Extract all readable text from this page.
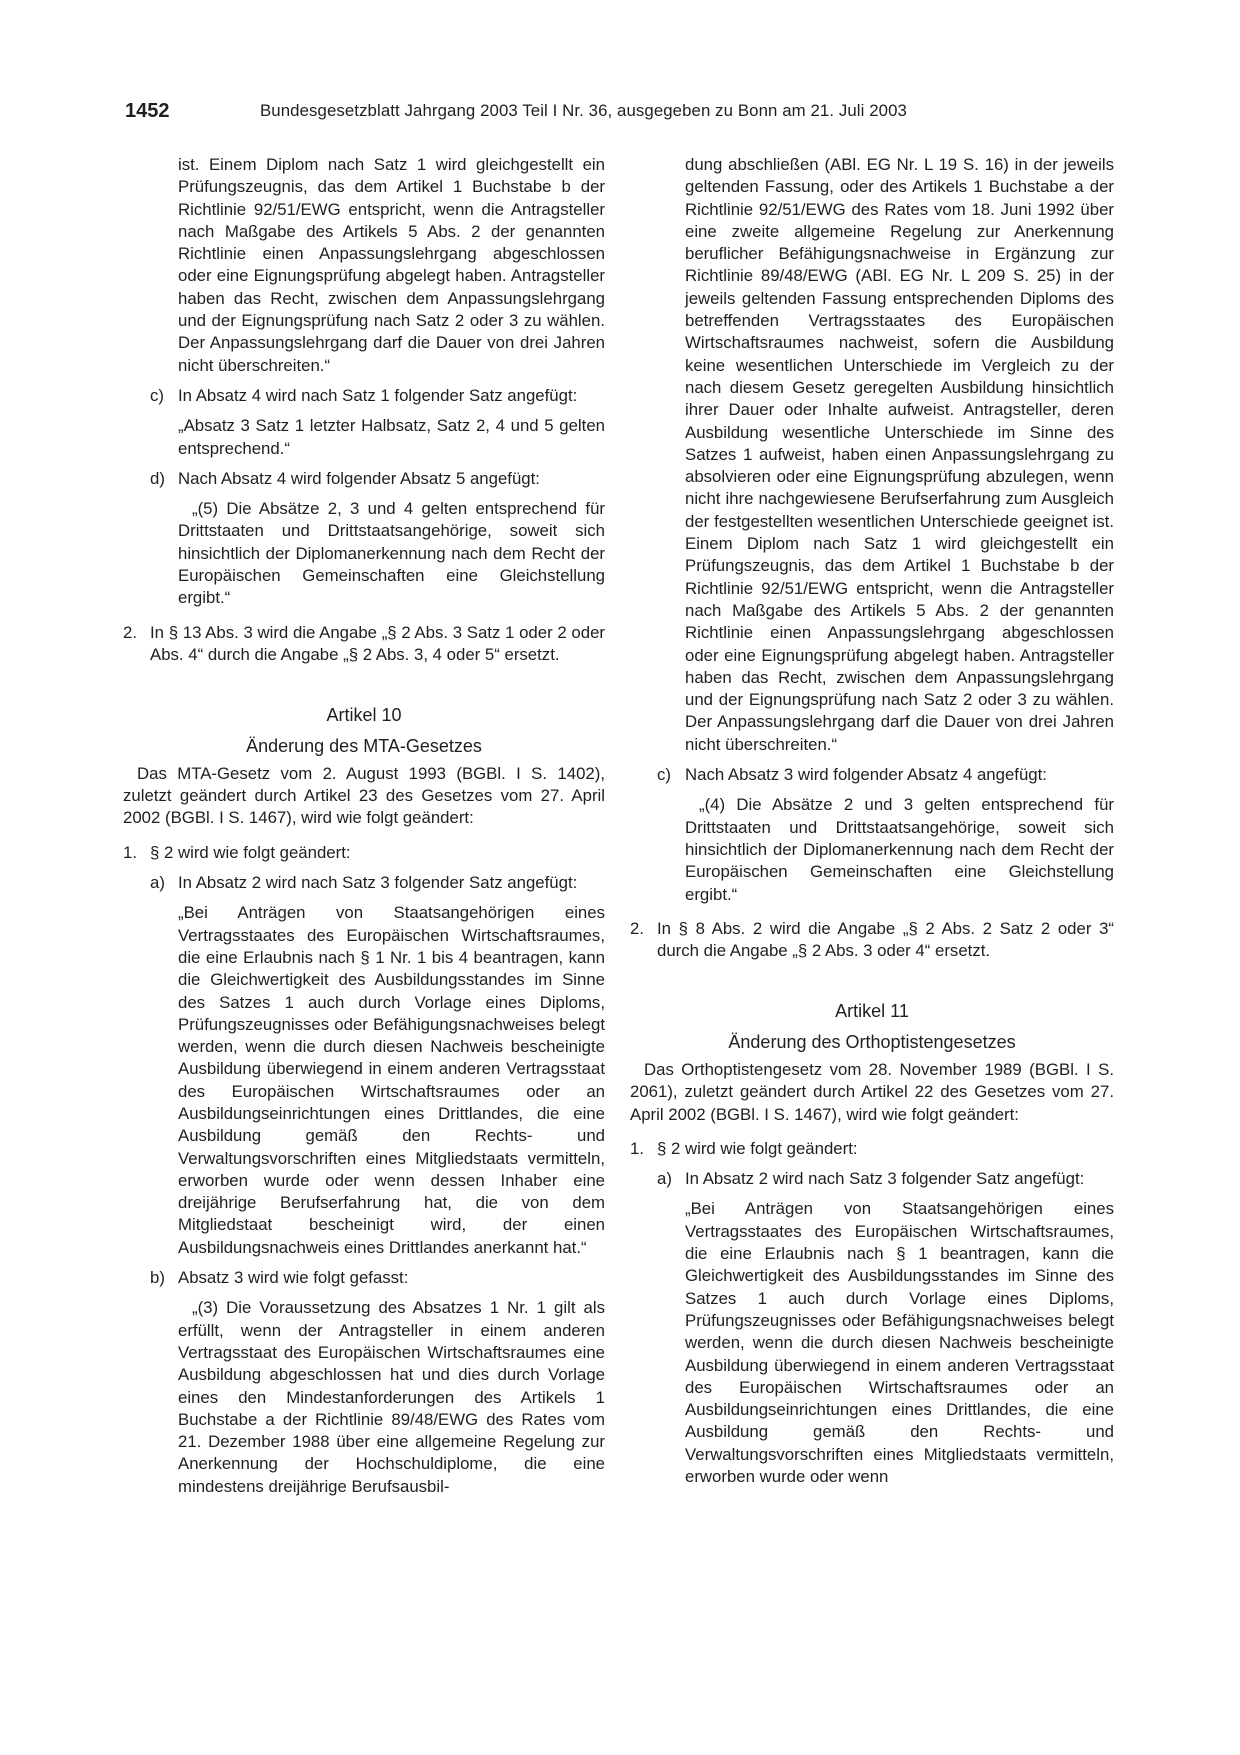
1452	Bundesgesetzblatt Jahrgang 2003 Teil I Nr. 36, ausgegeben zu Bonn am 21. Juli 2003

ist. Einem Diplom nach Satz 1 wird gleichgestellt ein Prüfungszeugnis, das dem Artikel 1 Buchstabe b der Richtlinie 92/51/EWG entspricht, wenn die Antragsteller nach Maßgabe des Artikels 5 Abs. 2 der genannten Richtlinie einen Anpassungslehrgang abgeschlossen oder eine Eignungsprüfung abgelegt haben. Antragsteller haben das Recht, zwischen dem Anpassungslehrgang und der Eignungsprüfung nach Satz 2 oder 3 zu wählen. Der Anpassungslehrgang darf die Dauer von drei Jahren nicht überschreiten.“

c) In Absatz 4 wird nach Satz 1 folgender Satz angefügt:

„Absatz 3 Satz 1 letzter Halbsatz, Satz 2, 4 und 5 gelten entsprechend.“

d) Nach Absatz 4 wird folgender Absatz 5 angefügt:

„(5) Die Absätze 2, 3 und 4 gelten entsprechend für Drittstaaten und Drittstaatsangehörige, soweit sich hinsichtlich der Diplomanerkennung nach dem Recht der Europäischen Gemeinschaften eine Gleichstellung ergibt.“

2. In § 13 Abs. 3 wird die Angabe „§ 2 Abs. 3 Satz 1 oder 2 oder Abs. 4“ durch die Angabe „§ 2 Abs. 3, 4 oder 5“ ersetzt.

Artikel 10

Änderung des MTA-Gesetzes

Das MTA-Gesetz vom 2. August 1993 (BGBl. I S. 1402), zuletzt geändert durch Artikel 23 des Gesetzes vom 27. April 2002 (BGBl. I S. 1467), wird wie folgt geändert:

1. § 2 wird wie folgt geändert:

a) In Absatz 2 wird nach Satz 3 folgender Satz angefügt:

„Bei Anträgen von Staatsangehörigen eines Vertragsstaates des Europäischen Wirtschaftsraumes, die eine Erlaubnis nach § 1 Nr. 1 bis 4 beantragen, kann die Gleichwertigkeit des Ausbildungsstandes im Sinne des Satzes 1 auch durch Vorlage eines Diploms, Prüfungszeugnisses oder Befähigungsnachweises belegt werden, wenn die durch diesen Nachweis bescheinigte Ausbildung überwiegend in einem anderen Vertragsstaat des Europäischen Wirtschaftsraumes oder an Ausbildungseinrichtungen eines Drittlandes, die eine Ausbildung gemäß den Rechts- und Verwaltungsvorschriften eines Mitgliedstaats vermitteln, erworben wurde oder wenn dessen Inhaber eine dreijährige Berufserfahrung hat, die von dem Mitgliedstaat bescheinigt wird, der einen Ausbildungsnachweis eines Drittlandes anerkannt hat.“

b) Absatz 3 wird wie folgt gefasst:

„(3) Die Voraussetzung des Absatzes 1 Nr. 1 gilt als erfüllt, wenn der Antragsteller in einem anderen Vertragsstaat des Europäischen Wirtschaftsraumes eine Ausbildung abgeschlossen hat und dies durch Vorlage eines den Mindestanforderungen des Artikels 1 Buchstabe a der Richtlinie 89/48/EWG des Rates vom 21. Dezember 1988 über eine allgemeine Regelung zur Anerkennung der Hochschuldiplome, die eine mindestens dreijährige Berufsausbil-

dung abschließen (ABl. EG Nr. L 19 S. 16) in der jeweils geltenden Fassung, oder des Artikels 1 Buchstabe a der Richtlinie 92/51/EWG des Rates vom 18. Juni 1992 über eine zweite allgemeine Regelung zur Anerkennung beruflicher Befähigungsnachweise in Ergänzung zur Richtlinie 89/48/EWG (ABl. EG Nr. L 209 S. 25) in der jeweils geltenden Fassung entsprechenden Diploms des betreffenden Vertragsstaates des Europäischen Wirtschaftsraumes nachweist, sofern die Ausbildung keine wesentlichen Unterschiede im Vergleich zu der nach diesem Gesetz geregelten Ausbildung hinsichtlich ihrer Dauer oder Inhalte aufweist. Antragsteller, deren Ausbildung wesentliche Unterschiede im Sinne des Satzes 1 aufweist, haben einen Anpassungslehrgang zu absolvieren oder eine Eignungsprüfung abzulegen, wenn nicht ihre nachgewiesene Berufserfahrung zum Ausgleich der festgestellten wesentlichen Unterschiede geeignet ist. Einem Diplom nach Satz 1 wird gleichgestellt ein Prüfungszeugnis, das dem Artikel 1 Buchstabe b der Richtlinie 92/51/EWG entspricht, wenn die Antragsteller nach Maßgabe des Artikels 5 Abs. 2 der genannten Richtlinie einen Anpassungslehrgang abgeschlossen oder eine Eignungsprüfung abgelegt haben. Antragsteller haben das Recht, zwischen dem Anpassungslehrgang und der Eignungsprüfung nach Satz 2 oder 3 zu wählen. Der Anpassungslehrgang darf die Dauer von drei Jahren nicht überschreiten.“

c) Nach Absatz 3 wird folgender Absatz 4 angefügt:

„(4) Die Absätze 2 und 3 gelten entsprechend für Drittstaaten und Drittstaatsangehörige, soweit sich hinsichtlich der Diplomanerkennung nach dem Recht der Europäischen Gemeinschaften eine Gleichstellung ergibt.“

2. In § 8 Abs. 2 wird die Angabe „§ 2 Abs. 2 Satz 2 oder 3“ durch die Angabe „§ 2 Abs. 3 oder 4“ ersetzt.

Artikel 11

Änderung des Orthoptistengesetzes

Das Orthoptistengesetz vom 28. November 1989 (BGBl. I S. 2061), zuletzt geändert durch Artikel 22 des Gesetzes vom 27. April 2002 (BGBl. I S. 1467), wird wie folgt geändert:

1. § 2 wird wie folgt geändert:

a) In Absatz 2 wird nach Satz 3 folgender Satz angefügt:

„Bei Anträgen von Staatsangehörigen eines Vertragsstaates des Europäischen Wirtschaftsraumes, die eine Erlaubnis nach § 1 beantragen, kann die Gleichwertigkeit des Ausbildungsstandes im Sinne des Satzes 1 auch durch Vorlage eines Diploms, Prüfungszeugnisses oder Befähigungsnachweises belegt werden, wenn die durch diesen Nachweis bescheinigte Ausbildung überwiegend in einem anderen Vertragsstaat des Europäischen Wirtschaftsraumes oder an Ausbildungseinrichtungen eines Drittlandes, die eine Ausbildung gemäß den Rechts- und Verwaltungsvorschriften eines Mitgliedstaats vermitteln, erworben wurde oder wenn
